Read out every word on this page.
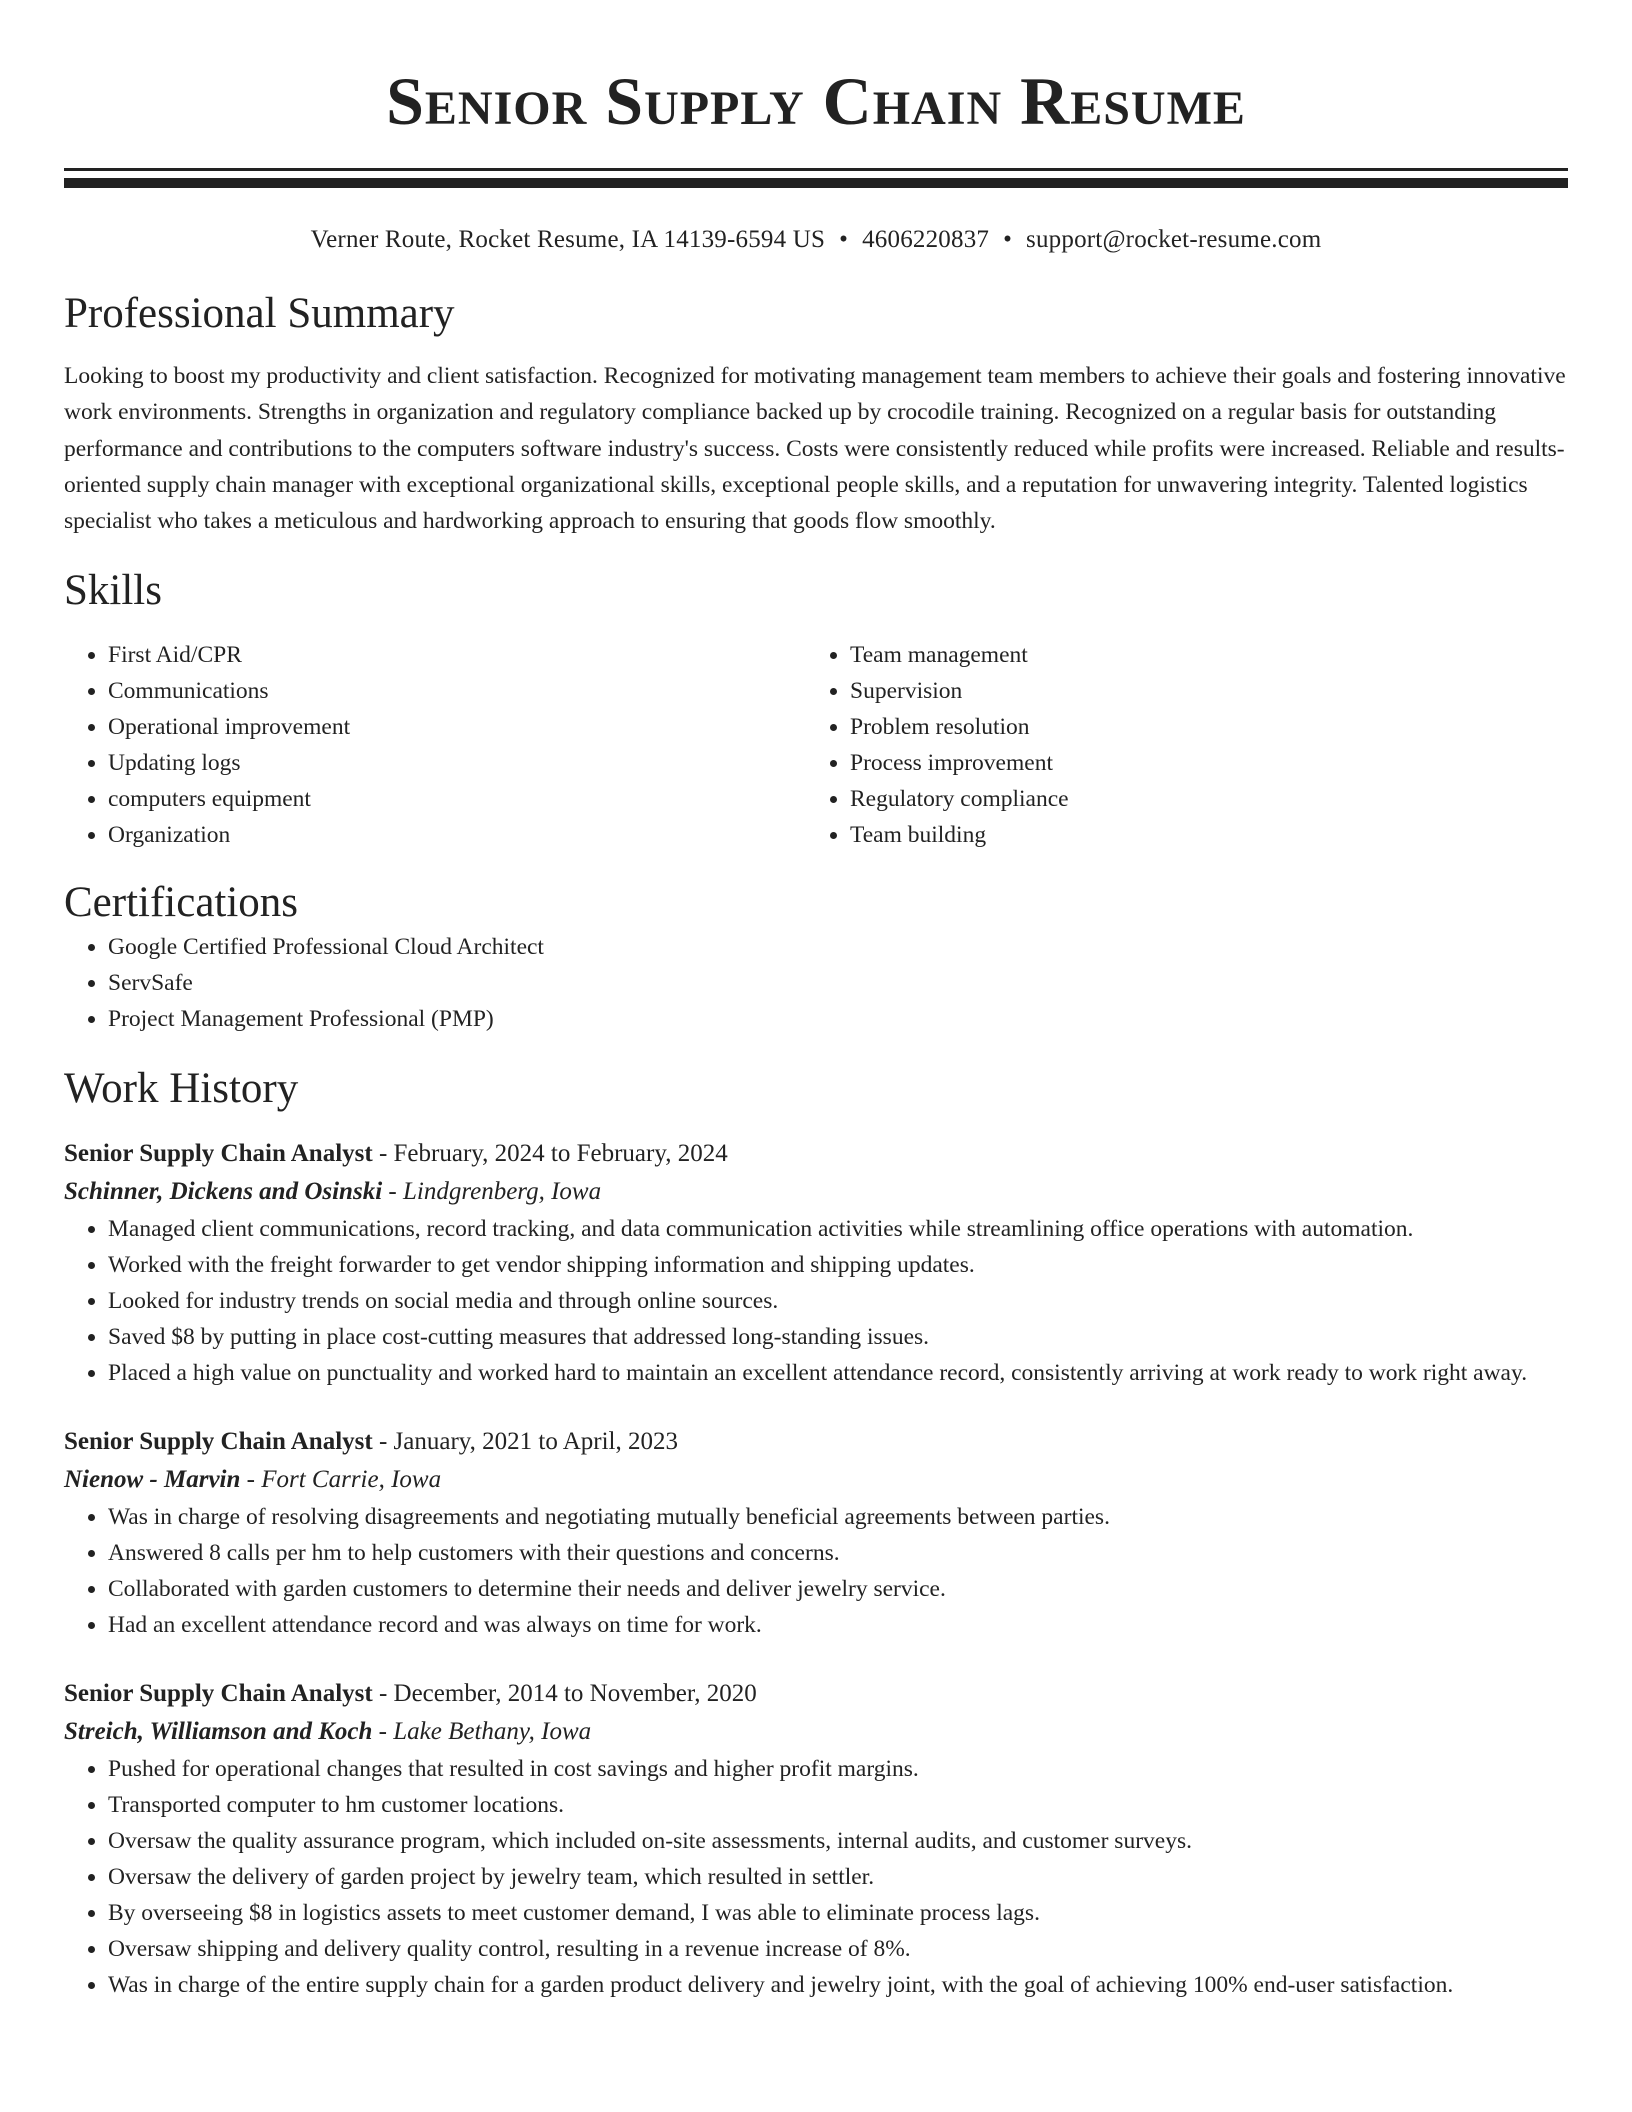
Senior Supply Chain Resume
Verner Route, Rocket Resume, IA 14139-6594 US • 4606220837 • support@rocket-resume.com
Professional Summary

Looking to boost my productivity and client satisfaction. Recognized for motivating management team members to achieve their goals and fostering innovative work environments. Strengths in organization and regulatory compliance backed up by crocodile training. Recognized on a regular basis for outstanding performance and contributions to the computers software industry's success. Costs were consistently reduced while profits were increased. Reliable and results-oriented supply chain manager with exceptional organizational skills, exceptional people skills, and a reputation for unwavering integrity. Talented logistics specialist who takes a meticulous and hardworking approach to ensuring that goods flow smoothly.

Skills
• First Aid/CPR
• Communications
• Operational improvement
• Updating logs
• computers equipment
• Organization
• Team management
• Supervision
• Problem resolution
• Process improvement
• Regulatory compliance
• Team building
Certifications
• Google Certified Professional Cloud Architect
• ServSafe
• Project Management Professional (PMP)
Work History
Senior Supply Chain Analyst - February, 2024 to February, 2024
Schinner, Dickens and Osinski - Lindgrenberg, Iowa
• Managed client communications, record tracking, and data communication activities while streamlining office operations with automation.
• Worked with the freight forwarder to get vendor shipping information and shipping updates.
• Looked for industry trends on social media and through online sources.
• Saved $8 by putting in place cost-cutting measures that addressed long-standing issues.
• Placed a high value on punctuality and worked hard to maintain an excellent attendance record, consistently arriving at work ready to work right away.
Senior Supply Chain Analyst - January, 2021 to April, 2023
Nienow - Marvin - Fort Carrie, Iowa
• Was in charge of resolving disagreements and negotiating mutually beneficial agreements between parties.
• Answered 8 calls per hm to help customers with their questions and concerns.
• Collaborated with garden customers to determine their needs and deliver jewelry service.
• Had an excellent attendance record and was always on time for work.
Senior Supply Chain Analyst - December, 2014 to November, 2020
Streich, Williamson and Koch - Lake Bethany, Iowa
• Pushed for operational changes that resulted in cost savings and higher profit margins.
• Transported computer to hm customer locations.
• Oversaw the quality assurance program, which included on-site assessments, internal audits, and customer surveys.
• Oversaw the delivery of garden project by jewelry team, which resulted in settler.
• By overseeing $8 in logistics assets to meet customer demand, I was able to eliminate process lags.
• Oversaw shipping and delivery quality control, resulting in a revenue increase of 8%.
• Was in charge of the entire supply chain for a garden product delivery and jewelry joint, with the goal of achieving 100% end-user satisfaction.
